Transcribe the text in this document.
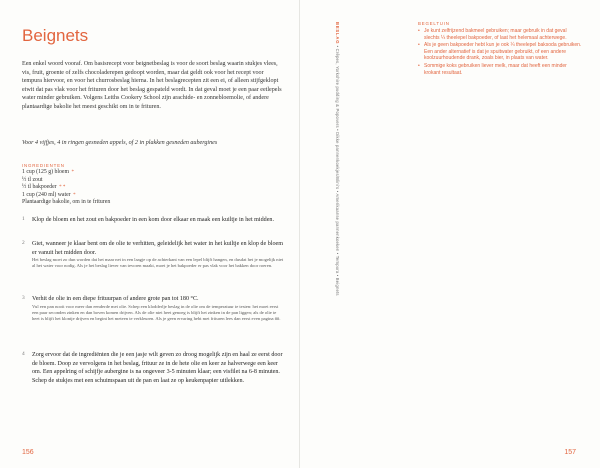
Beignets
Een enkel woord vooraf. Om basisrecept voor beignetbeslag is voor de soort beslag waarin stukjes vlees, vis, fruit, groente of zelfs chocoladerepen gedoopt worden, maar dat geldt ook voor het recept voor tempura hiervoor, en voor het churrosbeslag hierna. In het beslagrecepten zit een ei, of alleen stijfgeklopt eiwit dat pas vlak voor het frituren door het beslag gespateld wordt. In dat geval moet je een paar eetlepels water minder gebruiken. Volgens Leiths Cookery School zijn arachide- en zonnebloemolie, of andere plantaardige bakolie het meest geschikt om in te frituren.
Voor 4 vijfjes, 4 in ringen gesneden appels, of 2 in plakken gesneden aubergines
INGREDIENTEN
1 cup (125 g) bloem *
½ tl zout
½ tl bakpoeder * *
1 cup (240 ml) water *
Plantaardige bakolie, om in te frituren
1 Klop de bloem en het zout en bakpoeder in een kom door elkaar en maak een kuiltje in het midden.
2 Giet, wanneer je klaar bent om de olie te verhitten, geleidelijk het water in het kuiltje en klop de bloem er vanuit het midden door.
Het beslag moet zo dun worden dat het maar net in een laagje op de achterkant van een lepel blijft hangen, en dusdat het je mogelijk niet al het water voor nodig. Als je het beslag liever van tevoren maakt, moet je het bakpoeder er pas vlak voor het bakken door roeren.
3 Verhit de olie in een diepe frituurpan of andere grote pan tot 180 °C.
Vul een pan nooit voor meer dan eenderde met olie. Schep een klodderlje beslag in de olie om de temperatuur te testen: het moet eerst een paar seconden zinken en dan boven komen drijven. Als de olie niet heet genoeg is blijft het zinken in de pan liggen; als de olie te heet is blijft het klontje drijven en begint het meteen te verkleuren. Als je geen ervaring hebt met frituren lees dan eerst even pagina ##.
4 Zorg ervoor dat de ingrediënten die je een jasje wilt geven zo droog mogelijk zijn en haal ze eerst door de bloem. Doop ze vervolgens in het beslag, frituur ze in de hete olie en keer ze halverwege een keer om. Een appelring of schijfje aubergine is na ongeveer 3-5 minuten klaar; een visfilet na 6-8 minuten. Schep de stukjes met een schuimspaan uit de pan en laat ze op keukenpapier uitlekken.
156
BESLAG • Crêpes, Yorkshire pudding & Popovers • Dikke pannenkoekjes/Blini's • Amerikaanse pannenkoeken • Tempura • Beignets
BEGELTUIN
• Je kunt zelfrijzend bakmeel gebruiken; maar gebruik in dat geval slechts ¼ theelepel bakpoeder, of laat het helemaal achterwege.
• Als je geen bakpoeder hebt kun je ook ¼ theelepel baksoda gebruiken. Een ander alternatief is dat je spuitwater gebruikt, of een andere koolzuurhoudende drank, zoals bier, in plaats van water.
• Sommige koks gebruiken liever melk, maar dat heeft een minder krokant resultaat.
157
